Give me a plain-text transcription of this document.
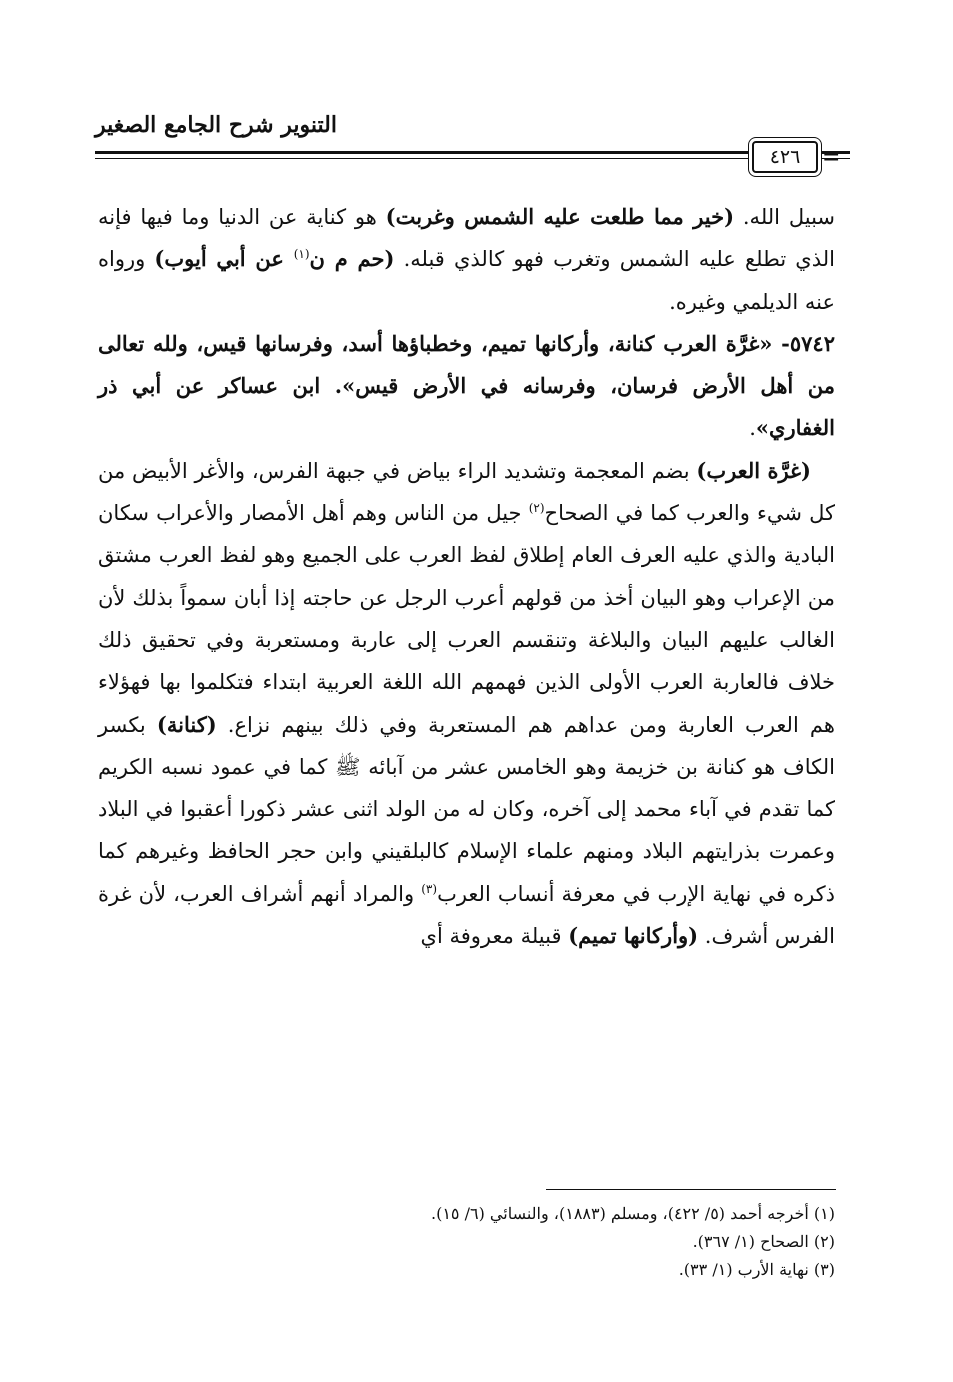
التنوير شرح الجامع الصغير
٤٢٦ =

سبيل الله. (خير مما طلعت عليه الشمس وغربت) هو كناية عن الدنيا وما فيها فإنه الذي تطلع عليه الشمس وتغرب فهو كالذي قبله. (حم م ن$^{(١)}$ عن أبي أيوب) ورواه عنه الديلمي وغيره.

٥٧٤٢- «غرَّة العرب كنانة، وأركانها تميم، وخطباؤها أسد، وفرسانها قيس، ولله تعالى من أهل الأرض فرسان، وفرسانه في الأرض قيس». ابن عساكر عن أبي ذر الغفاري».

(غرَّة العرب) بضم المعجمة وتشديد الراء بياض في جبهة الفرس، والأغر الأبيض من كل شيء والعرب كما في الصحاح$^{(٢)}$ جيل من الناس وهم أهل الأمصار والأعراب سكان البادية والذي عليه العرف العام إطلاق لفظ العرب على الجميع وهو لفظ العرب مشتق من الإعراب وهو البيان أخذ من قولهم أعرب الرجل عن حاجته إذا أبان سمواً بذلك لأن الغالب عليهم البيان والبلاغة وتنقسم العرب إلى عاربة ومستعربة وفي تحقيق ذلك خلاف فالعاربة العرب الأولى الذين فهمهم الله اللغة العربية ابتداء فتكلموا بها فهؤلاء هم العرب العاربة ومن عداهم هم المستعربة وفي ذلك بينهم نزاع. (كنانة) بكسر الكاف هو كنانة بن خزيمة وهو الخامس عشر من آبائه ﷺ كما في عمود نسبه الكريم كما تقدم في آباء محمد إلى آخره، وكان له من الولد اثنى عشر ذكورا أعقبوا في البلاد وعمرت بذرايتهم البلاد ومنهم علماء الإسلام كالبلقيني وابن حجر الحافظ وغيرهم كما ذكره في نهاية الإرب في معرفة أنساب العرب$^{(٣)}$ والمراد أنهم أشراف العرب، لأن غرة الفرس أشرف. (وأركانها تميم) قبيلة معروفة أي

(١) أخرجه أحمد (٥/ ٤٢٢)، ومسلم (١٨٨٣)، والنسائي (٦/ ١٥).
(٢) الصحاح (١/ ٣٦٧).
(٣) نهاية الأرب (١/ ٣٣).
